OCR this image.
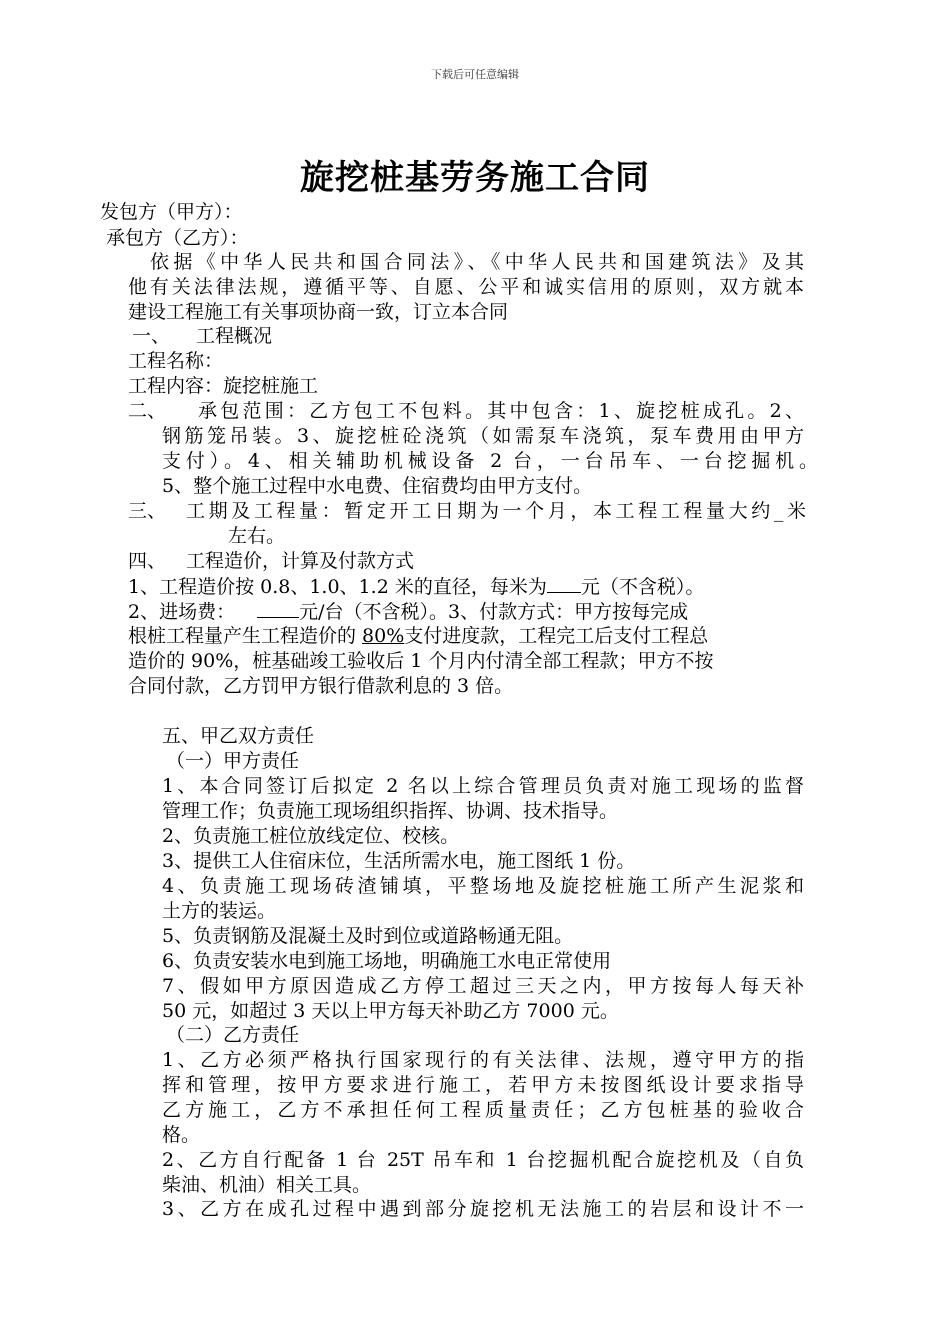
下载后可任意编辑
旋挖桩基劳务施工合同
发包方（甲方）：
承包方（乙方）：
依据《中华人民共和国合同法》、《中华人民共和国建筑法》及其
他有关法律法规，遵循平等、自愿、公平和诚实信用的原则，双方就本
建设工程施工有关事项协商一致，订立本合同
一、 工程概况
工程名称：
工程内容：旋挖桩施工
二、 承包范围：乙方包工不包料。其中包含：1、旋挖桩成孔。2、
钢筋笼吊装。3、旋挖桩砼浇筑（如需泵车浇筑，泵车费用由甲方
支付）。4、相关辅助机械设备 2 台，一台吊车、一台挖掘机。
5、整个施工过程中水电费、住宿费均由甲方支付。
三、 工期及工程量：暂定开工日期为一个月，本工程工程量大约_米
左右。
四、 工程造价，计算及付款方式
1、工程造价按 0.8、1.0、1.2 米的直径，每米为 元（不含税）。
2、进场费：	元/台（不含税）。3、付款方式：甲方按每完成
根桩工程量产生工程造价的 80%支付进度款，工程完工后支付工程总
造价的 90%，桩基础竣工验收后 1 个月内付清全部工程款；甲方不按
合同付款，乙方罚甲方银行借款利息的 3 倍。
五、甲乙双方责任
（一）甲方责任
1、本合同签订后拟定 2 名以上综合管理员负责对施工现场的监督
管理工作；负责施工现场组织指挥、协调、技术指导。
2、负责施工桩位放线定位、校核。
3、提供工人住宿床位，生活所需水电，施工图纸 1 份。
4、负责施工现场砖渣铺填，平整场地及旋挖桩施工所产生泥浆和
土方的装运。
5、负责钢筋及混凝土及时到位或道路畅通无阻。
6、负责安装水电到施工场地，明确施工水电正常使用
7、假如甲方原因造成乙方停工超过三天之内，甲方按每人每天补
50 元，如超过 3 天以上甲方每天补助乙方 7000 元。
（二）乙方责任
1、乙方必须严格执行国家现行的有关法律、法规，遵守甲方的指
挥和管理，按甲方要求进行施工，若甲方未按图纸设计要求指导
乙方施工，乙方不承担任何工程质量责任；乙方包桩基的验收合
格。
2、乙方自行配备 1 台 25T 吊车和 1 台挖掘机配合旋挖机及（自负
柴油、机油）相关工具。
3、乙方在成孔过程中遇到部分旋挖机无法施工的岩层和设计不一
